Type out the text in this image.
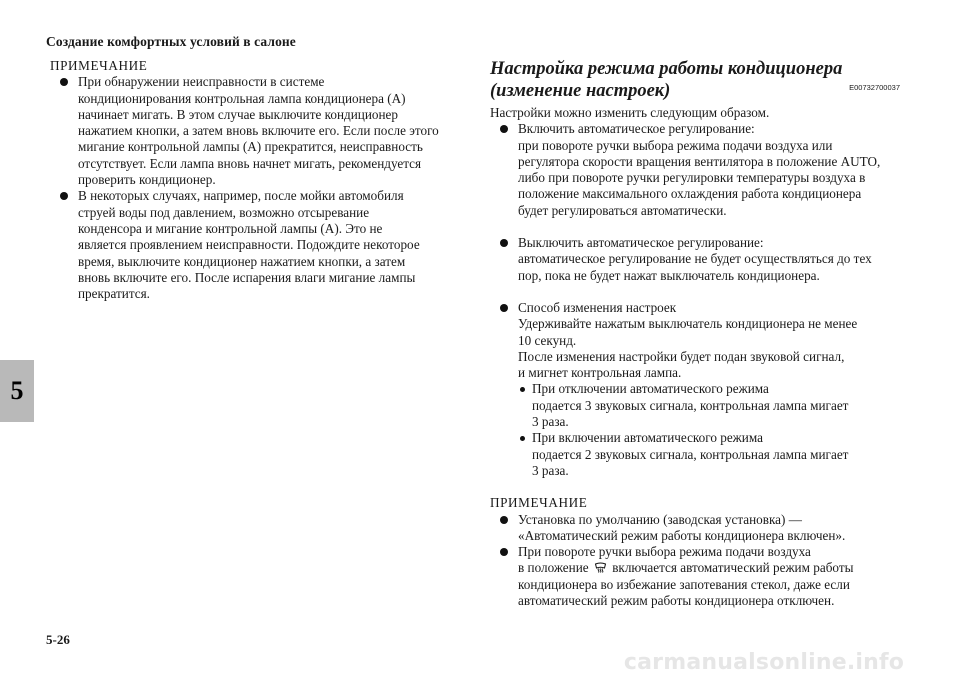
Создание комфортных условий в салоне
5
ПРИМЕЧАНИЕ
При обнаружении неисправности в системе
кондиционирования контрольная лампа кондиционера (A)
начинает мигать. В этом случае выключите кондиционер
нажатием кнопки, а затем вновь включите его. Если после этого
мигание контрольной лампы (A) прекратится, неисправность
отсутствует. Если лампа вновь начнет мигать, рекомендуется
проверить кондиционер.
В некоторых случаях, например, после мойки автомобиля
струей воды под давлением, возможно отсыревание
конденсора и мигание контрольной лампы (A). Это не
является проявлением неисправности. Подождите некоторое
время, выключите кондиционер нажатием кнопки, а затем
вновь включите его. После испарения влаги мигание лампы
прекратится.
Настройка режима работы кондиционера
(изменение настроек)	E00732700037
Настройки можно изменить следующим образом.
Включить автоматическое регулирование:
при повороте ручки выбора режима подачи воздуха или
регулятора скорости вращения вентилятора в положение AUTO,
либо при повороте ручки регулировки температуры воздуха в
положение максимального охлаждения работа кондиционера
будет регулироваться автоматически.
Выключить автоматическое регулирование:
автоматическое регулирование не будет осуществляться до тех
пор, пока не будет нажат выключатель кондиционера.
Способ изменения настроек
Удерживайте нажатым выключатель кондиционера не менее
10 секунд.
После изменения настройки будет подан звуковой сигнал,
и мигнет контрольная лампа.
При отключении автоматического режима
подается 3 звуковых сигнала, контрольная лампа мигает
3 раза.
При включении автоматического режима
подается 2 звуковых сигнала, контрольная лампа мигает
3 раза.
ПРИМЕЧАНИЕ
Установка по умолчанию (заводская установка) —
«Автоматический режим работы кондиционера включен».
При повороте ручки выбора режима подачи воздуха
в положение включается автоматический режим работы
кондиционера во избежание запотевания стекол, даже если
автоматический режим работы кондиционера отключен.
5-26
carmanualsonline.info
